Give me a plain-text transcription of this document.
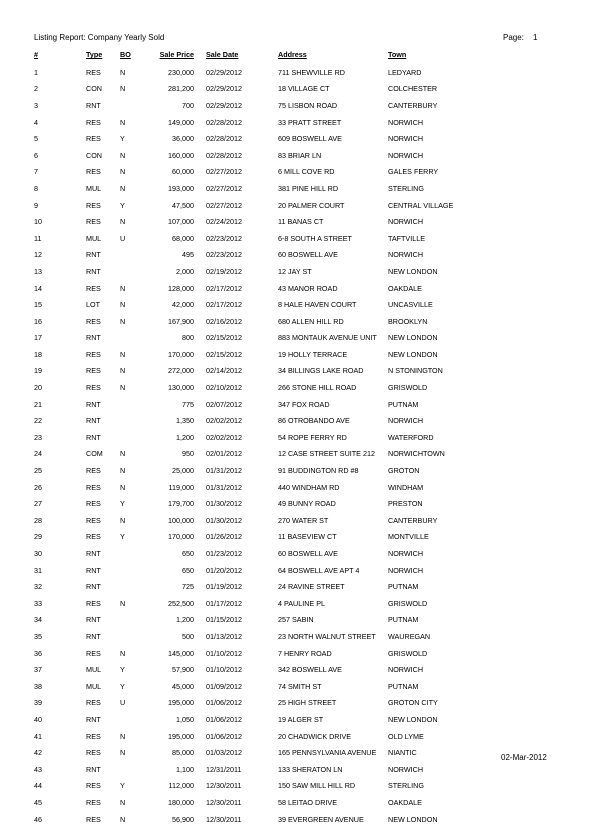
Listing Report: Company Yearly Sold	Page: 1
#	Type	BO	Sale Price	Sale Date	Address	Town
1	RES	N	230,000	02/29/2012	711 SHEWVILLE RD	LEDYARD
2	CON	N	281,200	02/29/2012	18 VILLAGE CT	COLCHESTER
3	RNT		700	02/29/2012	75 LISBON ROAD	CANTERBURY
4	RES	N	149,000	02/28/2012	33 PRATT STREET	NORWICH
5	RES	Y	36,000	02/28/2012	609 BOSWELL AVE	NORWICH
6	CON	N	160,000	02/28/2012	83 BRIAR LN	NORWICH
7	RES	N	60,000	02/27/2012	6 MILL COVE RD	GALES FERRY
8	MUL	N	193,000	02/27/2012	381 PINE HILL RD	STERLING
9	RES	Y	47,500	02/27/2012	20 PALMER COURT	CENTRAL VILLAGE
10	RES	N	107,000	02/24/2012	11 BANAS CT	NORWICH
11	MUL	U	68,000	02/23/2012	6-8 SOUTH A STREET	TAFTVILLE
12	RNT		495	02/23/2012	60 BOSWELL AVE	NORWICH
13	RNT		2,000	02/19/2012	12 JAY ST	NEW LONDON
14	RES	N	128,000	02/17/2012	43 MANOR ROAD	OAKDALE
15	LOT	N	42,000	02/17/2012	8 HALE HAVEN COURT	UNCASVILLE
16	RES	N	167,900	02/16/2012	680 ALLEN HILL RD	BROOKLYN
17	RNT		800	02/15/2012	883 MONTAUK AVENUE UNIT	NEW LONDON
18	RES	N	170,000	02/15/2012	19 HOLLY TERRACE	NEW LONDON
19	RES	N	272,000	02/14/2012	34 BILLINGS LAKE ROAD	N STONINGTON
20	RES	N	130,000	02/10/2012	266 STONE HILL ROAD	GRISWOLD
21	RNT		775	02/07/2012	347 FOX ROAD	PUTNAM
22	RNT		1,350	02/02/2012	86 OTROBANDO AVE	NORWICH
23	RNT		1,200	02/02/2012	54 ROPE FERRY RD	WATERFORD
24	COM	N	950	02/01/2012	12 CASE STREET SUITE 212	NORWICHTOWN
25	RES	N	25,000	01/31/2012	91 BUDDINGTON RD #8	GROTON
26	RES	N	119,000	01/31/2012	440 WINDHAM RD	WINDHAM
27	RES	Y	179,700	01/30/2012	49 BUNNY ROAD	PRESTON
28	RES	N	100,000	01/30/2012	270 WATER ST	CANTERBURY
29	RES	Y	170,000	01/26/2012	11 BASEVIEW CT	MONTVILLE
30	RNT		650	01/23/2012	60 BOSWELL AVE	NORWICH
31	RNT		650	01/20/2012	64 BOSWELL AVE APT 4	NORWICH
32	RNT		725	01/19/2012	24 RAVINE STREET	PUTNAM
33	RES	N	252,500	01/17/2012	4 PAULINE PL	GRISWOLD
34	RNT		1,200	01/15/2012	257 SABIN	PUTNAM
35	RNT		500	01/13/2012	23 NORTH WALNUT STREET	WAUREGAN
36	RES	N	145,000	01/10/2012	7 HENRY ROAD	GRISWOLD
37	MUL	Y	57,900	01/10/2012	342 BOSWELL AVE	NORWICH
38	MUL	Y	45,000	01/09/2012	74 SMITH ST	PUTNAM
39	RES	U	195,000	01/06/2012	25 HIGH STREET	GROTON CITY
40	RNT		1,050	01/06/2012	19 ALGER ST	NEW LONDON
41	RES	N	195,000	01/06/2012	20 CHADWICK DRIVE	OLD LYME
42	RES	N	85,000	01/03/2012	165 PENNSYLVANIA AVENUE	NIANTIC
43	RNT		1,100	12/31/2011	133 SHERATON LN	NORWICH
44	RES	Y	112,000	12/30/2011	150 SAW MILL HILL RD	STERLING
45	RES	N	180,000	12/30/2011	58 LEITAO DRIVE	OAKDALE
46	RES	N	56,900	12/30/2011	39 EVERGREEN AVENUE	NEW LONDON
02-Mar-2012
